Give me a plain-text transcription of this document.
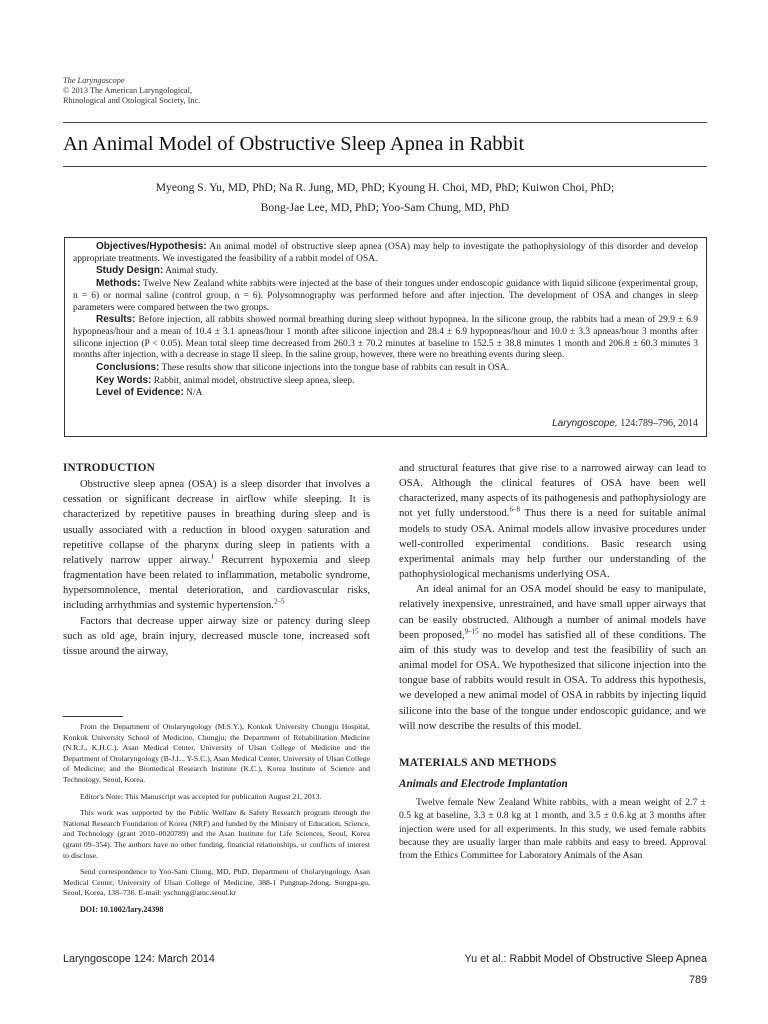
The Laryngoscope
© 2013 The American Laryngological,
Rhinological and Otological Society, Inc.
An Animal Model of Obstructive Sleep Apnea in Rabbit
Myeong S. Yu, MD, PhD; Na R. Jung, MD, PhD; Kyoung H. Choi, MD, PhD; Kuiwon Choi, PhD;
Bong-Jae Lee, MD, PhD; Yoo-Sam Chung, MD, PhD

Objectives/Hypothesis: An animal model of obstructive sleep apnea (OSA) may help to investigate the pathophysiology of this disorder and develop appropriate treatments. We investigated the feasibility of a rabbit model of OSA.

Study Design: Animal study.

Methods: Twelve New Zealand white rabbits were injected at the base of their tongues under endoscopic guidance with liquid silicone (experimental group, n = 6) or normal saline (control group, n = 6). Polysomnography was performed before and after injection. The development of OSA and changes in sleep parameters were compared between the two groups.

Results: Before injection, all rabbits showed normal breathing during sleep without hypopnea. In the silicone group, the rabbits had a mean of 29.9 ± 6.9 hypopneas/hour and a mean of 10.4 ± 3.1 apneas/hour 1 month after silicone injection and 28.4 ± 6.9 hypopneas/hour and 10.0 ± 3.3 apneas/hour 3 months after silicone injection (P < 0.05). Mean total sleep time decreased from 260.3 ± 70.2 minutes at baseline to 152.5 ± 38.8 minutes 1 month and 206.8 ± 60.3 minutes 3 months after injection, with a decrease in stage II sleep. In the saline group, however, there were no breathing events during sleep.

Conclusions: These results show that silicone injections into the tongue base of rabbits can result in OSA.

Key Words: Rabbit, animal model, obstructive sleep apnea, sleep.

Level of Evidence: N/A

Laryngoscope, 124:789–796, 2014
INTRODUCTION

Obstructive sleep apnea (OSA) is a sleep disorder that involves a cessation or significant decrease in airflow while sleeping. It is characterized by repetitive pauses in breathing during sleep and is usually associated with a reduction in blood oxygen saturation and repetitive collapse of the pharynx during sleep in patients with a relatively narrow upper airway.$^1$ Recurrent hypoxemia and sleep fragmentation have been related to inflammation, metabolic syndrome, hypersomnolence, mental deterioration, and cardiovascular risks, including arrhythmias and systemic hypertension.$^{2-5}$

Factors that decrease upper airway size or patency during sleep such as old age, brain injury, decreased muscle tone, increased soft tissue around the airway,

From the Department of Otolaryngology (M.S.Y.), Konkuk University Chungju Hospital, Konkuk University School of Medicine, Chungju; the Department of Rehabilitation Medicine (N.R.J., K.H.C.), Asan Medical Center, University of Ulsan College of Medicine and the Department of Otolaryngology (B-J.L., Y-S.C.), Asan Medical Center, University of Ulsan College of Medicine; and the Biomedical Research Institute (K.C.), Korea Institute of Science and Technology, Seoul, Korea.

Editor's Note: This Manuscript was accepted for publication August 21, 2013.

This work was supported by the Public Welfare & Safety Research program through the National Research Foundation of Korea (NRF) and funded by the Ministry of Education, Science, and Technology (grant 2010–0020789) and the Asan Institute for Life Sciences, Seoul, Korea (grant 09–354). The authors have no other funding, financial relationships, or conflicts of interest to disclose.

Send correspondence to Yoo-Sam Chung, MD, PhD, Department of Otolaryngology, Asan Medical Center, University of Ulsan College of Medicine, 388-1 Pungnap-2dong, Songpa-gu, Seoul, Korea, 138–736. E-mail: yschung@amc.seoul.kr

DOI: 10.1002/lary.24398

and structural features that give rise to a narrowed airway can lead to OSA. Although the clinical features of OSA have been well characterized, many aspects of its pathogenesis and pathophysiology are not yet fully understood.$^{6-8}$ Thus there is a need for suitable animal models to study OSA. Animal models allow invasive procedures under well-controlled experimental conditions. Basic research using experimental animals may help further our understanding of the pathophysiological mechanisms underlying OSA.

An ideal animal for an OSA model should be easy to manipulate, relatively inexpensive, unrestrained, and have small upper airways that can be easily obstructed. Although a number of animal models have been proposed,$^{9-15}$ no model has satisfied all of these conditions. The aim of this study was to develop and test the feasibility of such an animal model for OSA. We hypothesized that silicone injection into the tongue base of rabbits would result in OSA. To address this hypothesis, we developed a new animal model of OSA in rabbits by injecting liquid silicone into the base of the tongue under endoscopic guidance, and we will now describe the results of this model.

MATERIALS AND METHODS
Animals and Electrode Implantation

Twelve female New Zealand White rabbits, with a mean weight of 2.7 ± 0.5 kg at baseline, 3.3 ± 0.8 kg at 1 month, and 3.5 ± 0.6 kg at 3 months after injection were used for all experiments. In this study, we used female rabbits because they are usually larger than male rabbits and easy to breed. Approval from the Ethics Committee for Laboratory Animals of the Asan

Laryngoscope 124: March 2014	Yu et al.: Rabbit Model of Obstructive Sleep Apnea
789
